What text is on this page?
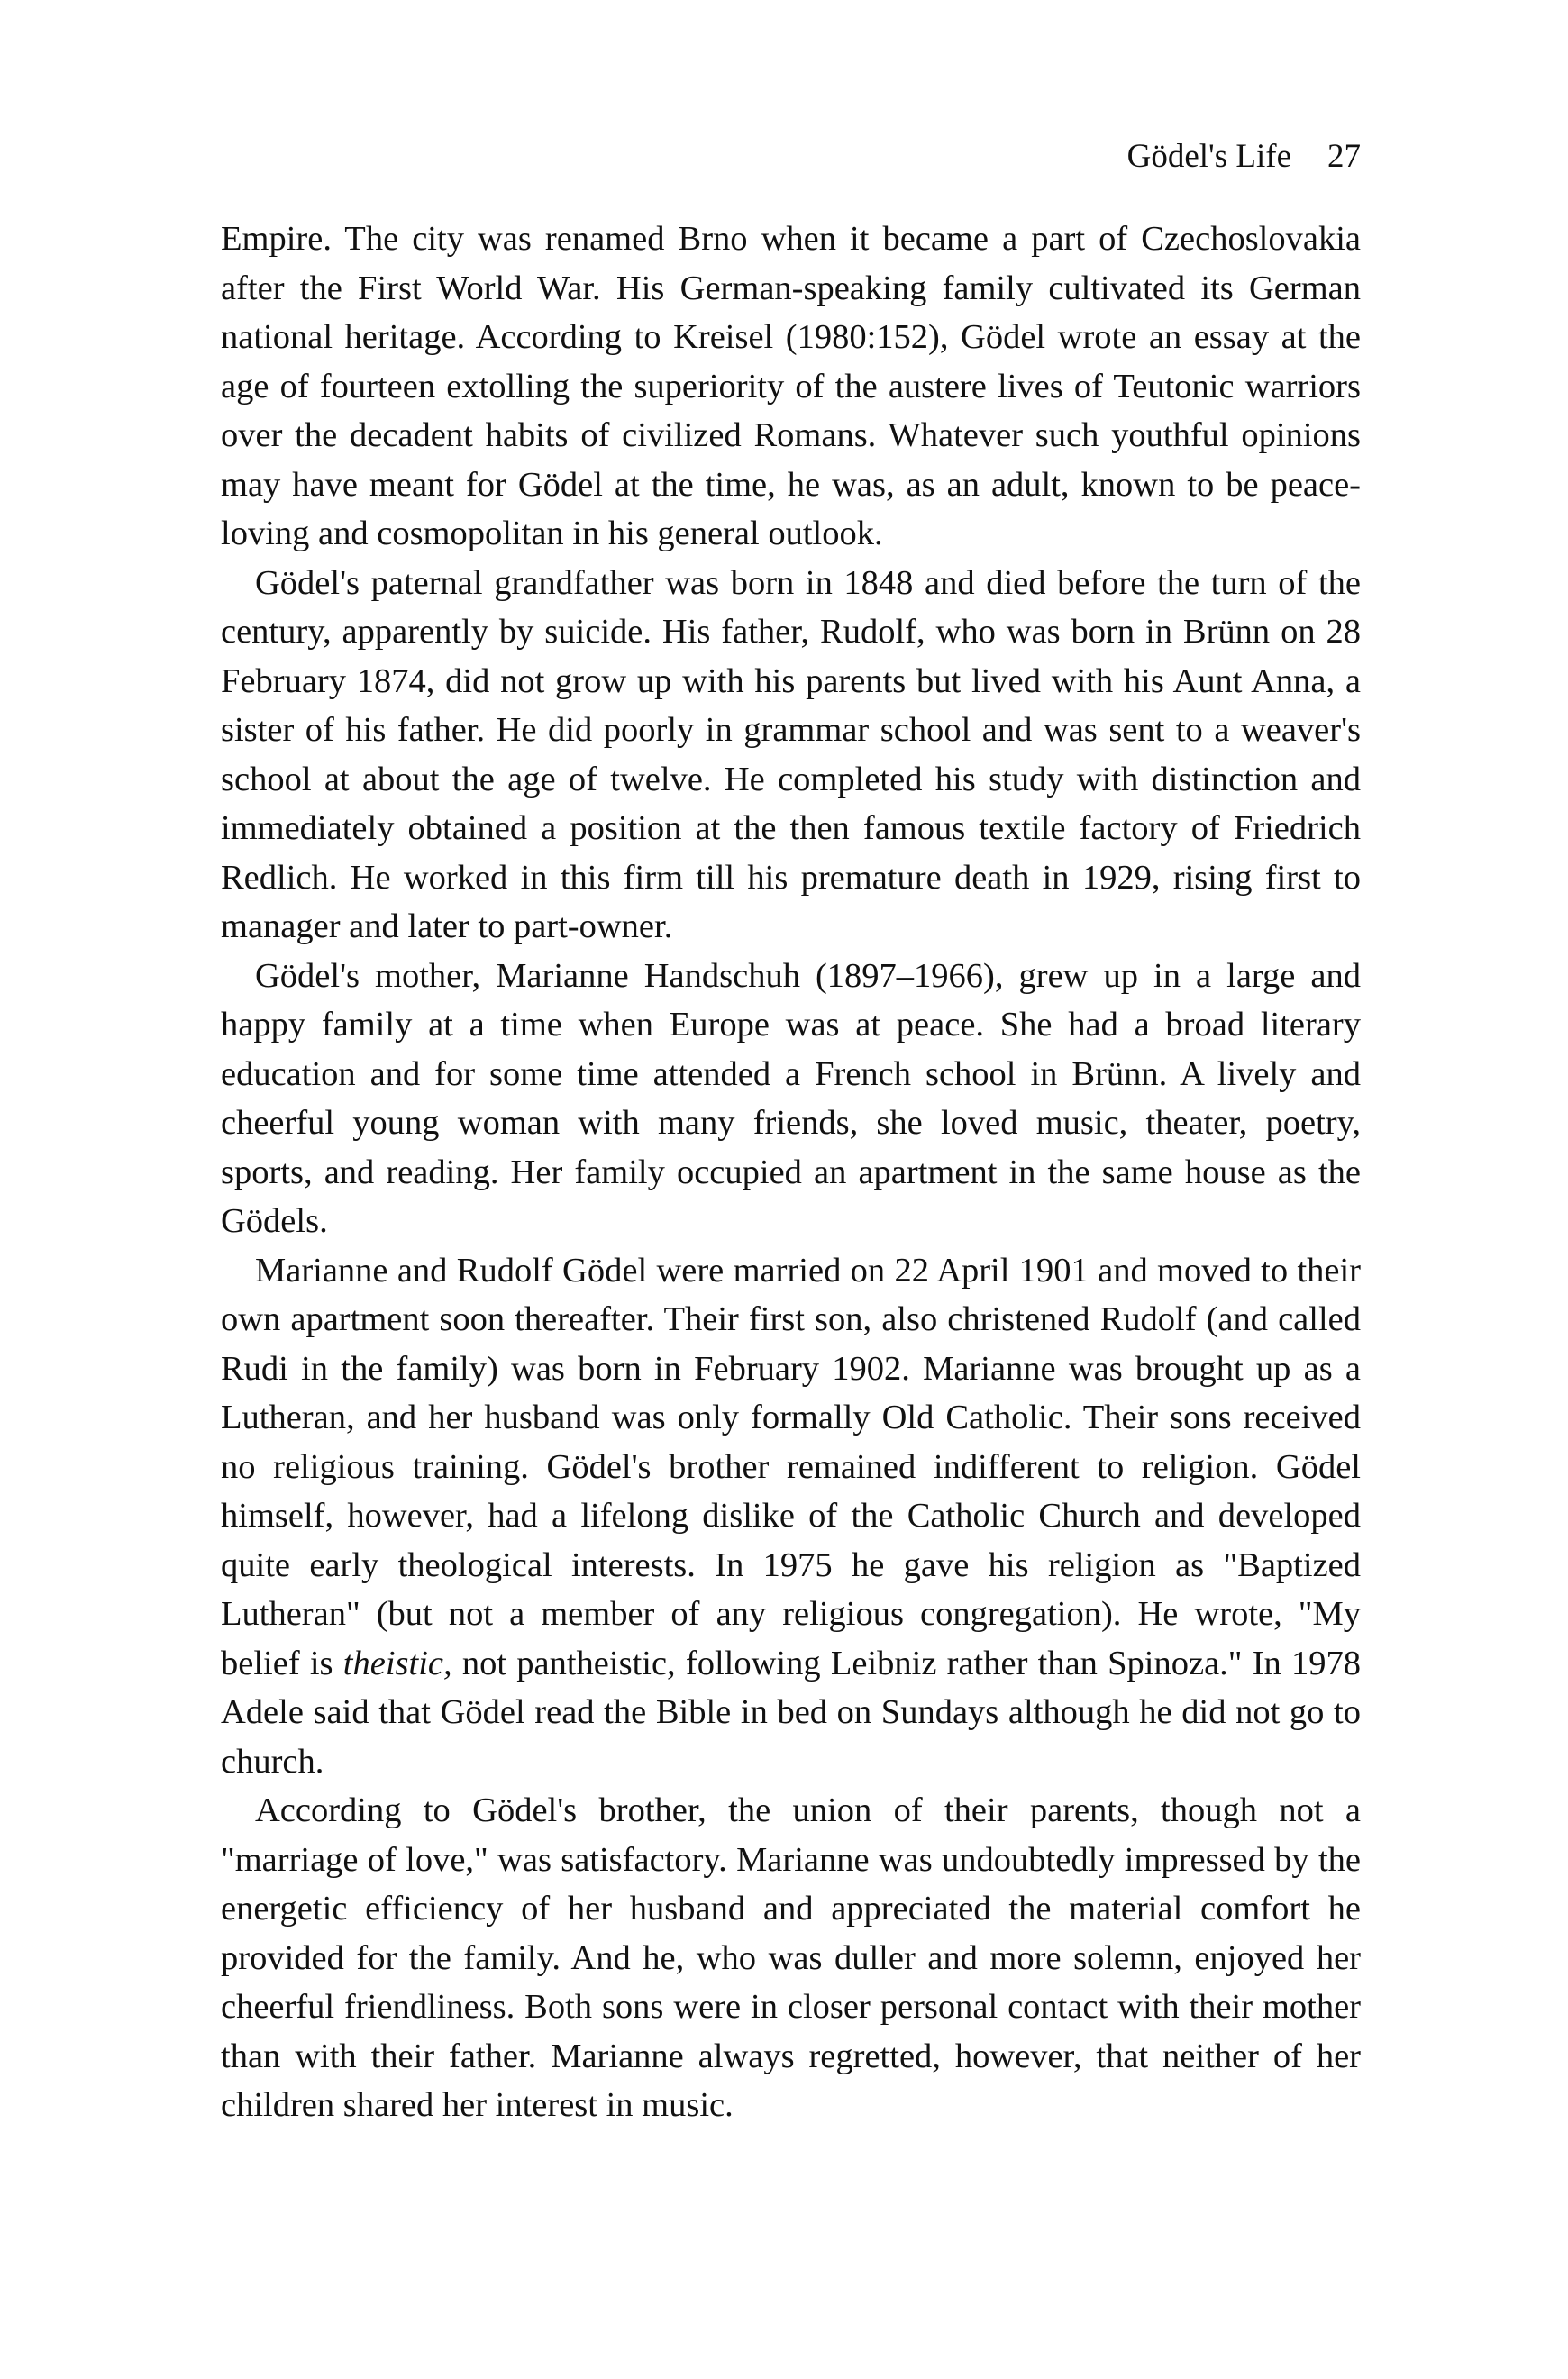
Gödel's Life 27

Empire. The city was renamed Brno when it became a part of Czechoslovakia after the First World War. His German-speaking family cultivated its German national heritage. According to Kreisel (1980:152), Gödel wrote an essay at the age of fourteen extolling the superiority of the austere lives of Teutonic warriors over the decadent habits of civilized Romans. Whatever such youthful opinions may have meant for Gödel at the time, he was, as an adult, known to be peace-loving and cosmopolitan in his general outlook.

Gödel's paternal grandfather was born in 1848 and died before the turn of the century, apparently by suicide. His father, Rudolf, who was born in Brünn on 28 February 1874, did not grow up with his parents but lived with his Aunt Anna, a sister of his father. He did poorly in grammar school and was sent to a weaver's school at about the age of twelve. He completed his study with distinction and immediately obtained a position at the then famous textile factory of Friedrich Redlich. He worked in this firm till his premature death in 1929, rising first to manager and later to part-owner.

Gödel's mother, Marianne Handschuh (1897–1966), grew up in a large and happy family at a time when Europe was at peace. She had a broad literary education and for some time attended a French school in Brünn. A lively and cheerful young woman with many friends, she loved music, theater, poetry, sports, and reading. Her family occupied an apartment in the same house as the Gödels.

Marianne and Rudolf Gödel were married on 22 April 1901 and moved to their own apartment soon thereafter. Their first son, also christened Rudolf (and called Rudi in the family) was born in February 1902. Marianne was brought up as a Lutheran, and her husband was only formally Old Catholic. Their sons received no religious training. Gödel's brother remained indifferent to religion. Gödel himself, however, had a lifelong dislike of the Catholic Church and developed quite early theological interests. In 1975 he gave his religion as "Baptized Lutheran" (but not a member of any religious congregation). He wrote, "My belief is theistic, not pantheistic, following Leibniz rather than Spinoza." In 1978 Adele said that Gödel read the Bible in bed on Sundays although he did not go to church.

According to Gödel's brother, the union of their parents, though not a "marriage of love," was satisfactory. Marianne was undoubtedly impressed by the energetic efficiency of her husband and appreciated the material comfort he provided for the family. And he, who was duller and more solemn, enjoyed her cheerful friendliness. Both sons were in closer personal contact with their mother than with their father. Marianne always regretted, however, that neither of her children shared her interest in music.
